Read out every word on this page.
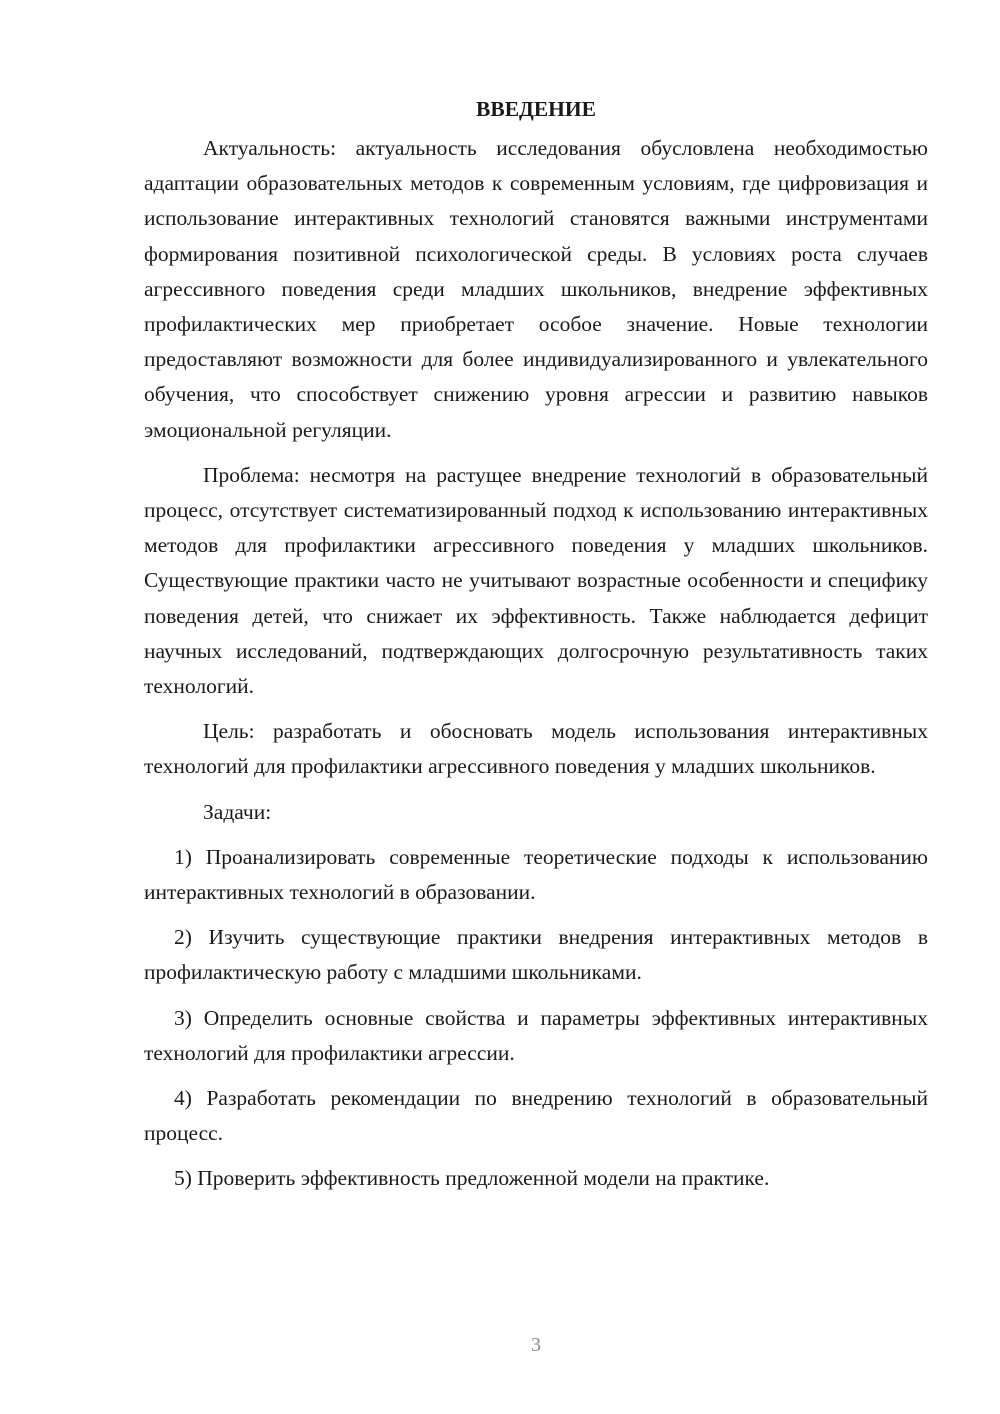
ВВЕДЕНИЕ

Актуальность: актуальность исследования обусловлена необходимостью адаптации образовательных методов к современным условиям, где цифровизация и использование интерактивных технологий становятся важными инструментами формирования позитивной психологической среды. В условиях роста случаев агрессивного поведения среди младших школьников, внедрение эффективных профилактических мер приобретает особое значение. Новые технологии предоставляют возможности для более индивидуализированного и увлекательного обучения, что способствует снижению уровня агрессии и развитию навыков эмоциональной регуляции.

Проблема: несмотря на растущее внедрение технологий в образовательный процесс, отсутствует систематизированный подход к использованию интерактивных методов для профилактики агрессивного поведения у младших школьников. Существующие практики часто не учитывают возрастные особенности и специфику поведения детей, что снижает их эффективность. Также наблюдается дефицит научных исследований, подтверждающих долгосрочную результативность таких технологий.

Цель: разработать и обосновать модель использования интерактивных технологий для профилактики агрессивного поведения у младших школьников.

Задачи:

1) Проанализировать современные теоретические подходы к использованию интерактивных технологий в образовании.

2) Изучить существующие практики внедрения интерактивных методов в профилактическую работу с младшими школьниками.

3) Определить основные свойства и параметры эффективных интерактивных технологий для профилактики агрессии.

4) Разработать рекомендации по внедрению технологий в образовательный процесс.

5) Проверить эффективность предложенной модели на практике.

3
